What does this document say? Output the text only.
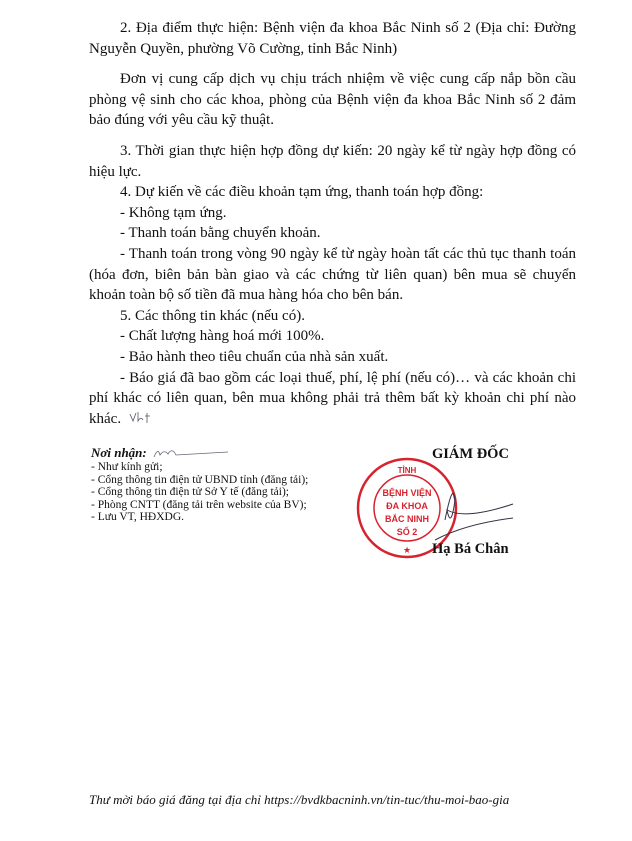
2. Địa điểm thực hiện: Bệnh viện đa khoa Bắc Ninh số 2 (Địa chỉ: Đường Nguyễn Quyền, phường Võ Cường, tỉnh Bắc Ninh)

Đơn vị cung cấp dịch vụ chịu trách nhiệm về việc cung cấp nắp bồn cầu phòng vệ sinh cho các khoa, phòng của Bệnh viện đa khoa Bắc Ninh số 2 đảm bảo đúng với yêu cầu kỹ thuật.

3. Thời gian thực hiện hợp đồng dự kiến: 20 ngày kể từ ngày hợp đồng có hiệu lực.

4. Dự kiến về các điều khoản tạm ứng, thanh toán hợp đồng:

- Không tạm ứng.

- Thanh toán bằng chuyển khoản.

- Thanh toán trong vòng 90 ngày kể từ ngày hoàn tất các thủ tục thanh toán (hóa đơn, biên bản bàn giao và các chứng từ liên quan) bên mua sẽ chuyển khoản toàn bộ số tiền đã mua hàng hóa cho bên bán.

5. Các thông tin khác (nếu có).

- Chất lượng hàng hoá mới 100%.

- Bảo hành theo tiêu chuẩn của nhà sản xuất.

- Báo giá đã bao gồm các loại thuế, phí, lệ phí (nếu có)… và các khoản chi phí khác có liên quan, bên mua không phải trả thêm bất kỳ khoản chi phí nào khác.

Nơi nhận:
- Như kính gửi;
- Cổng thông tin điện tử UBND tỉnh (đăng tải);
- Cổng thông tin điện tử Sở Y tế (đăng tải);
- Phòng CNTT (đăng tải trên website của BV);
- Lưu VT, HĐXDG.
TỈNH
BỆNH VIỆN
ĐA KHOA
BẮC NINH
SỐ 2
★
GIÁM ĐỐC
Hạ Bá Chân
Thư mời báo giá đăng tại địa chỉ https://bvdkbacninh.vn/tin-tuc/thu-moi-bao-gia
